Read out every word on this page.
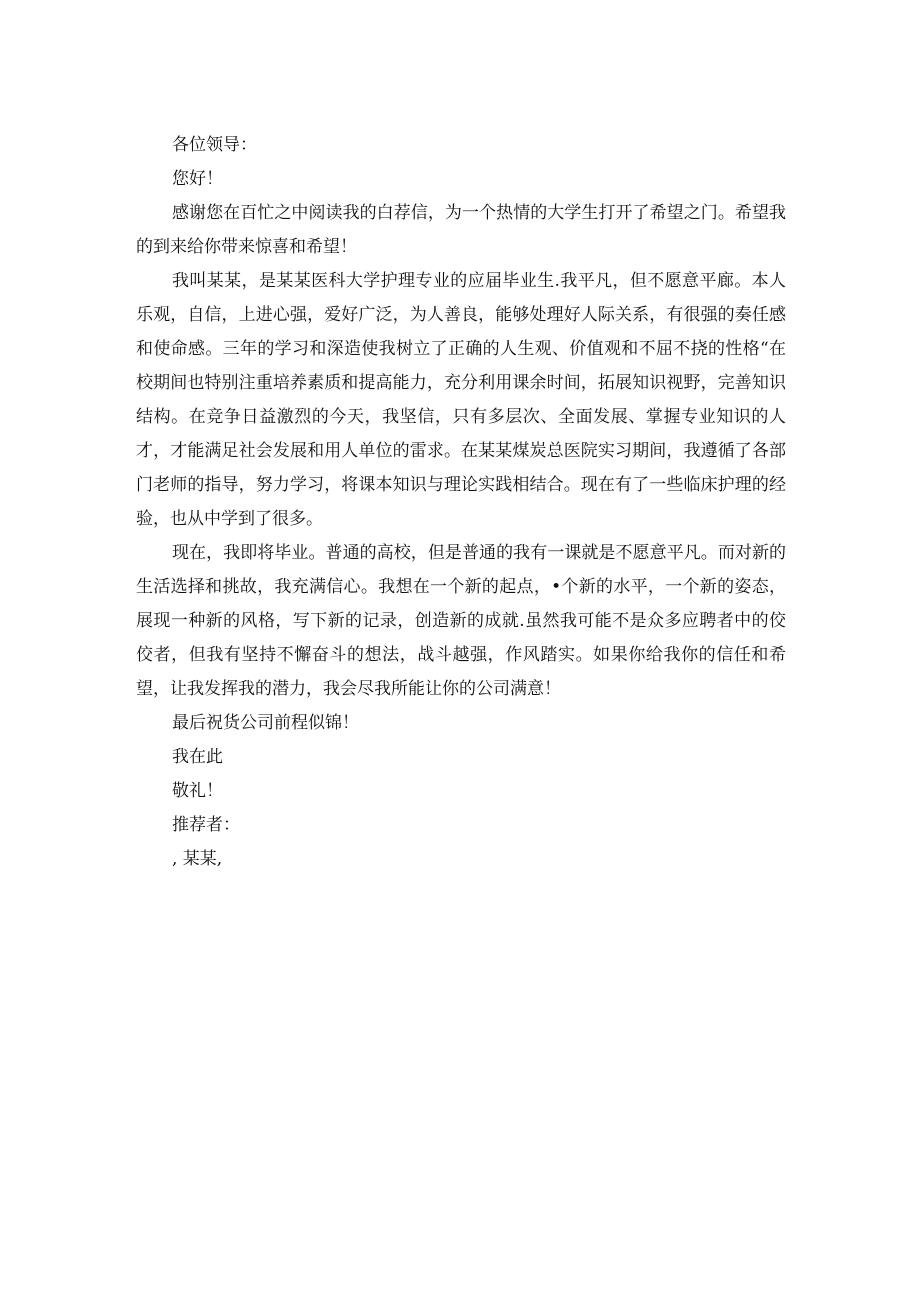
各位领导：

您好！

感谢您在百忙之中阅读我的白荐信，为一个热情的大学生打开了希望之门。希望我的到来给你带来惊喜和希望！

我叫某某，是某某医科大学护理专业的应届毕业生.我平凡，但不愿意平廊。本人乐观，自信，上进心强，爱好广泛，为人善良，能够处理好人际关系，有很强的奏任感和使命感。三年的学习和深造使我树立了正确的人生观、价值观和不屈不挠的性格“在校期间也特别注重培养素质和提高能力，充分利用课余时间，拓展知识视野，完善知识结构。在竞争日益激烈的今天，我坚信，只有多层次、全面发展、掌握专业知识的人才，才能满足社会发展和用人单位的雷求。在某某煤炭总医院实习期间，我遵循了各部门老师的指导，努力学习，将课本知识与理论实践相结合。现在有了一些临床护理的经验，也从中学到了很多。

现在，我即将毕业。普通的高校，但是普通的我有一课就是不愿意平凡。而对新的生活选择和挑故，我充满信心。我想在一个新的起点，•个新的水平，一个新的姿态，展现一种新的风格，写下新的记录，创造新的成就.虽然我可能不是众多应聘者中的佼佼者，但我有坚持不懈奋斗的想法，战斗越强，作风踏实。如果你给我你的信任和希望，让我发挥我的潜力，我会尽我所能让你的公司满意！

最后祝货公司前程似锦！

我在此

敬礼！

推荐者：

, 某某,
